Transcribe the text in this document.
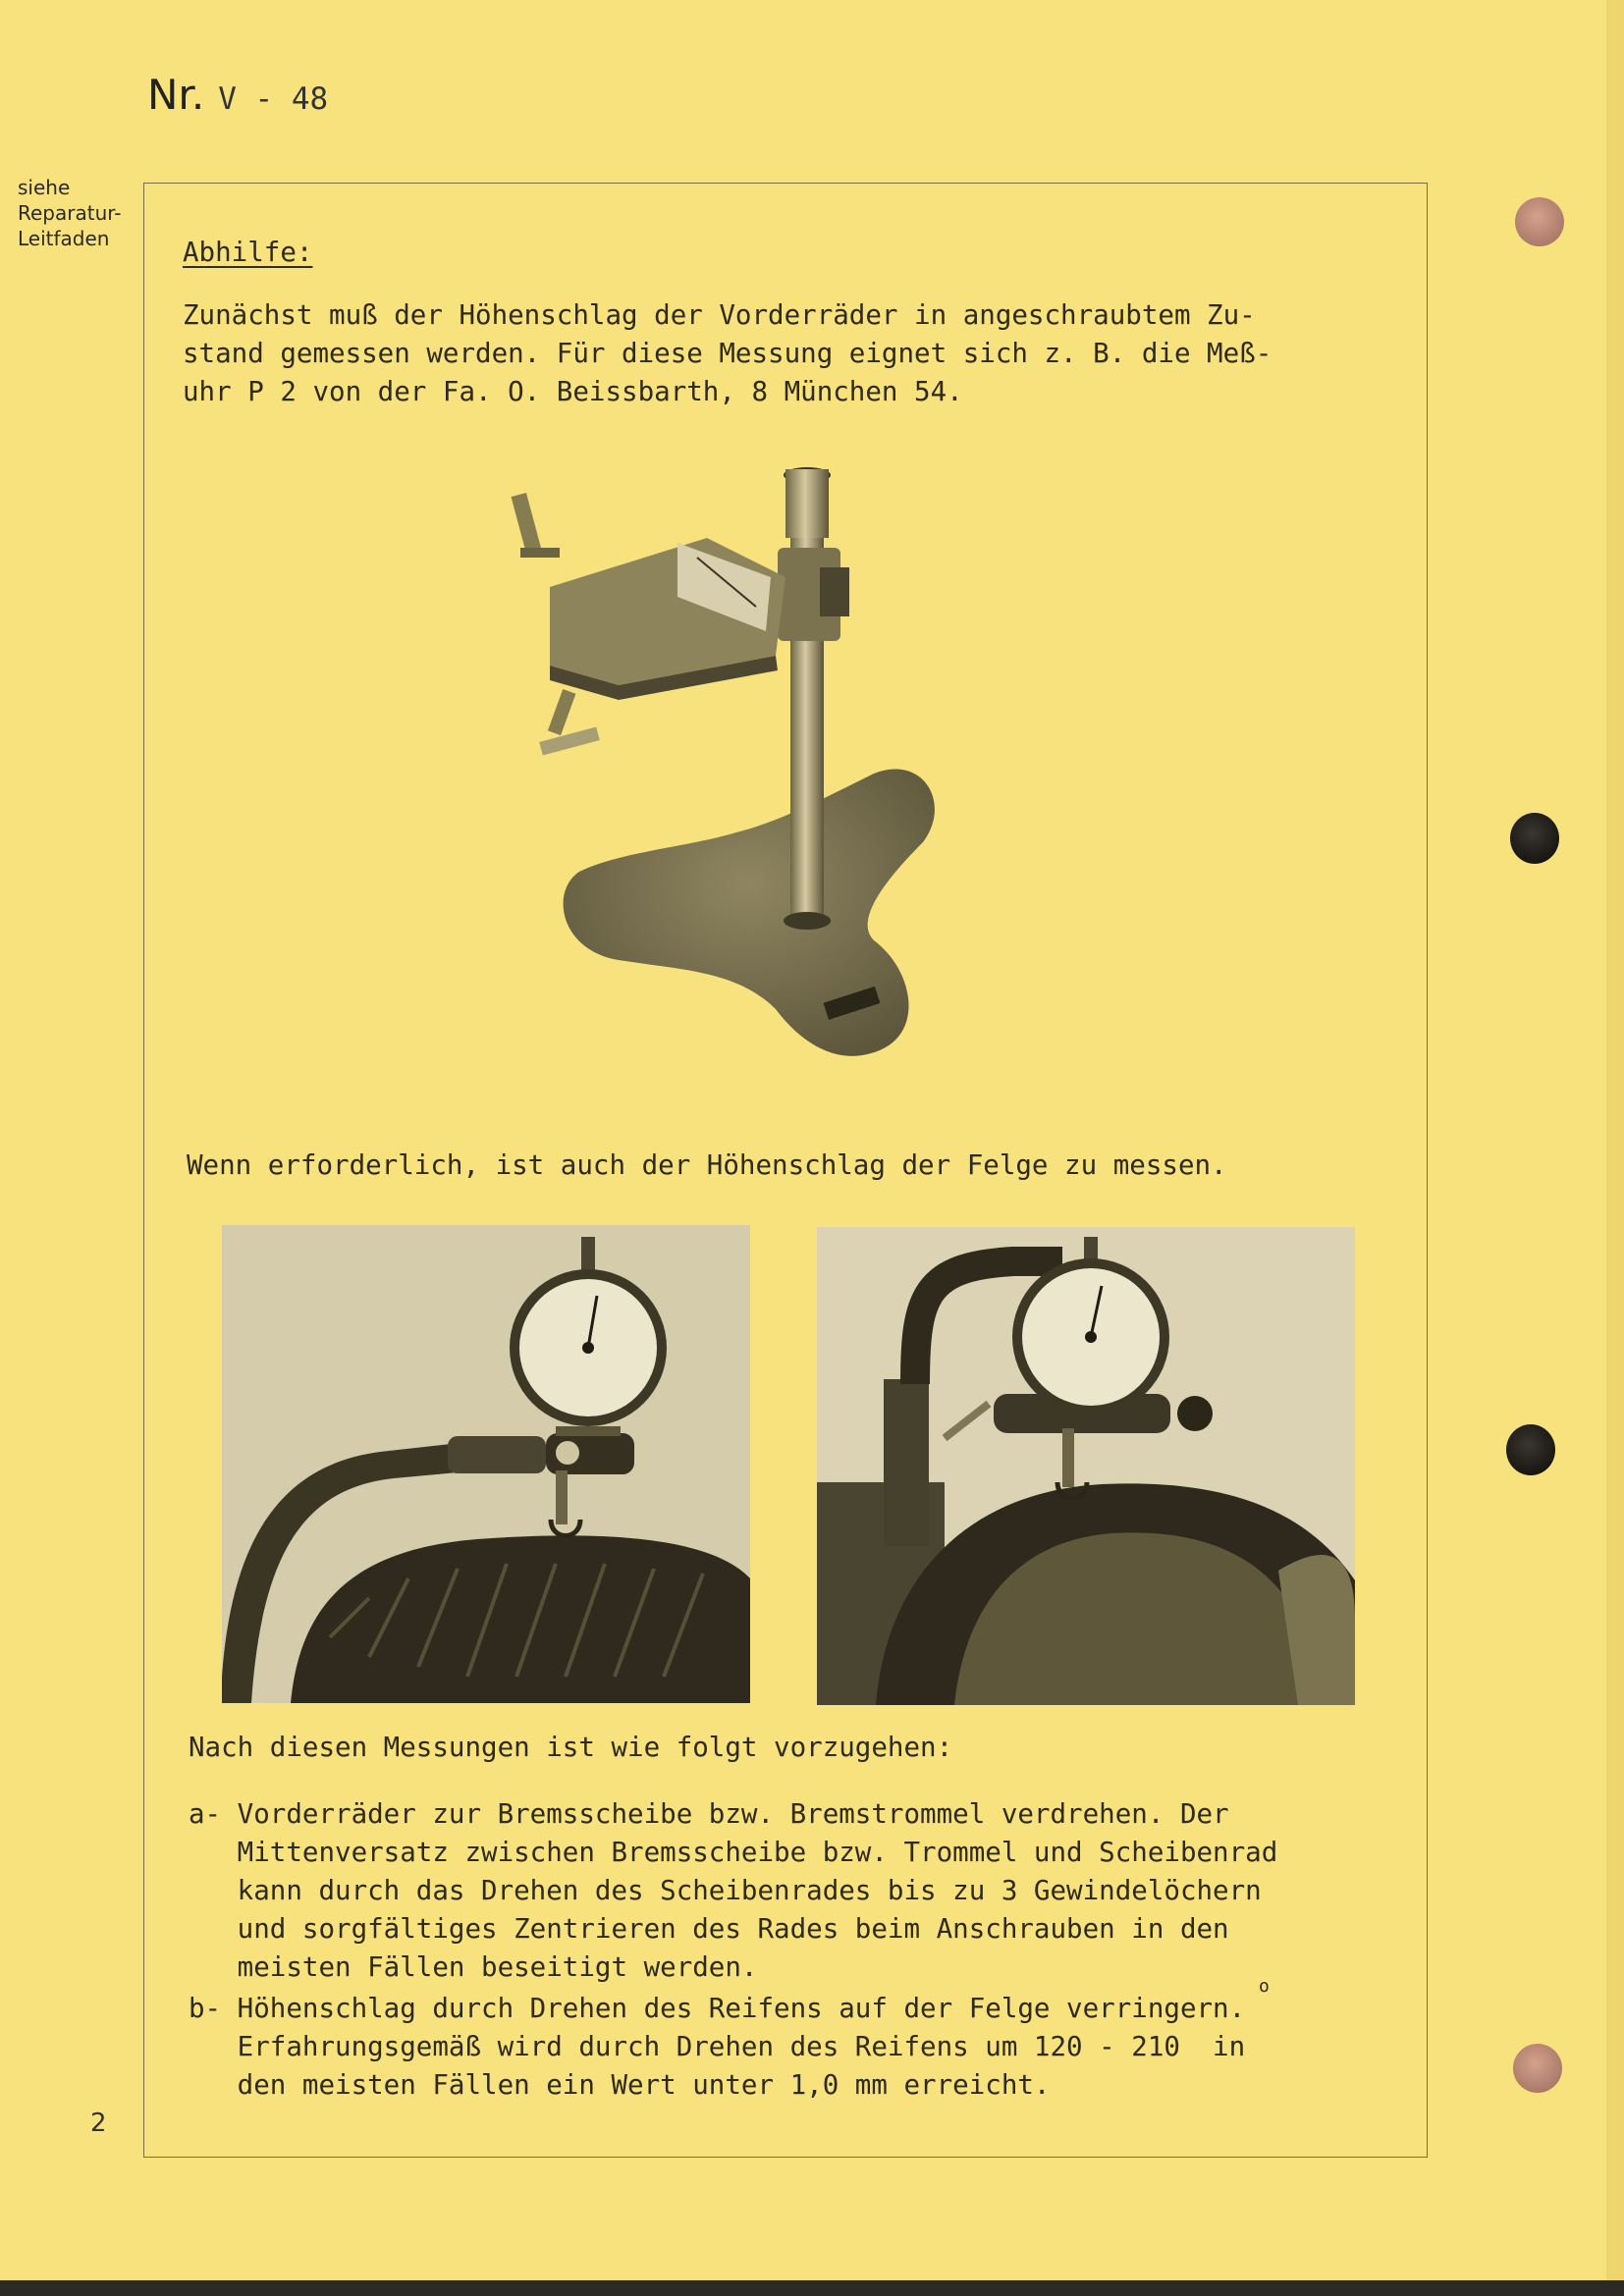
Nr. V - 48
siehe
Reparatur-
Leitfaden	Abhilfe:
Zunächst muß der Höhenschlag der Vorderräder in angeschraubtem Zu-
stand gemessen werden. Für diese Messung eignet sich z. B. die Meß-
uhr P 2 von der Fa. O. Beissbarth, 8 München 54.
Wenn erforderlich, ist auch der Höhenschlag der Felge zu messen.
Nach diesen Messungen ist wie folgt vorzugehen:
a- Vorderräder zur Bremsscheibe bzw. Bremstrommel verdrehen. Der
Mittenversatz zwischen Bremsscheibe bzw. Trommel und Scheibenrad
kann durch das Drehen des Scheibenrades bis zu 3 Gewindelöchern
und sorgfältiges Zentrieren des Rades beim Anschrauben in den
meisten Fällen beseitigt werden.
b- Höhenschlag durch Drehen des Reifens auf der Felge verringern.
Erfahrungsgemäß wird durch Drehen des Reifens um 120 - 210  in
den meisten Fällen ein Wert unter 1,0 mm erreicht.
o
2
